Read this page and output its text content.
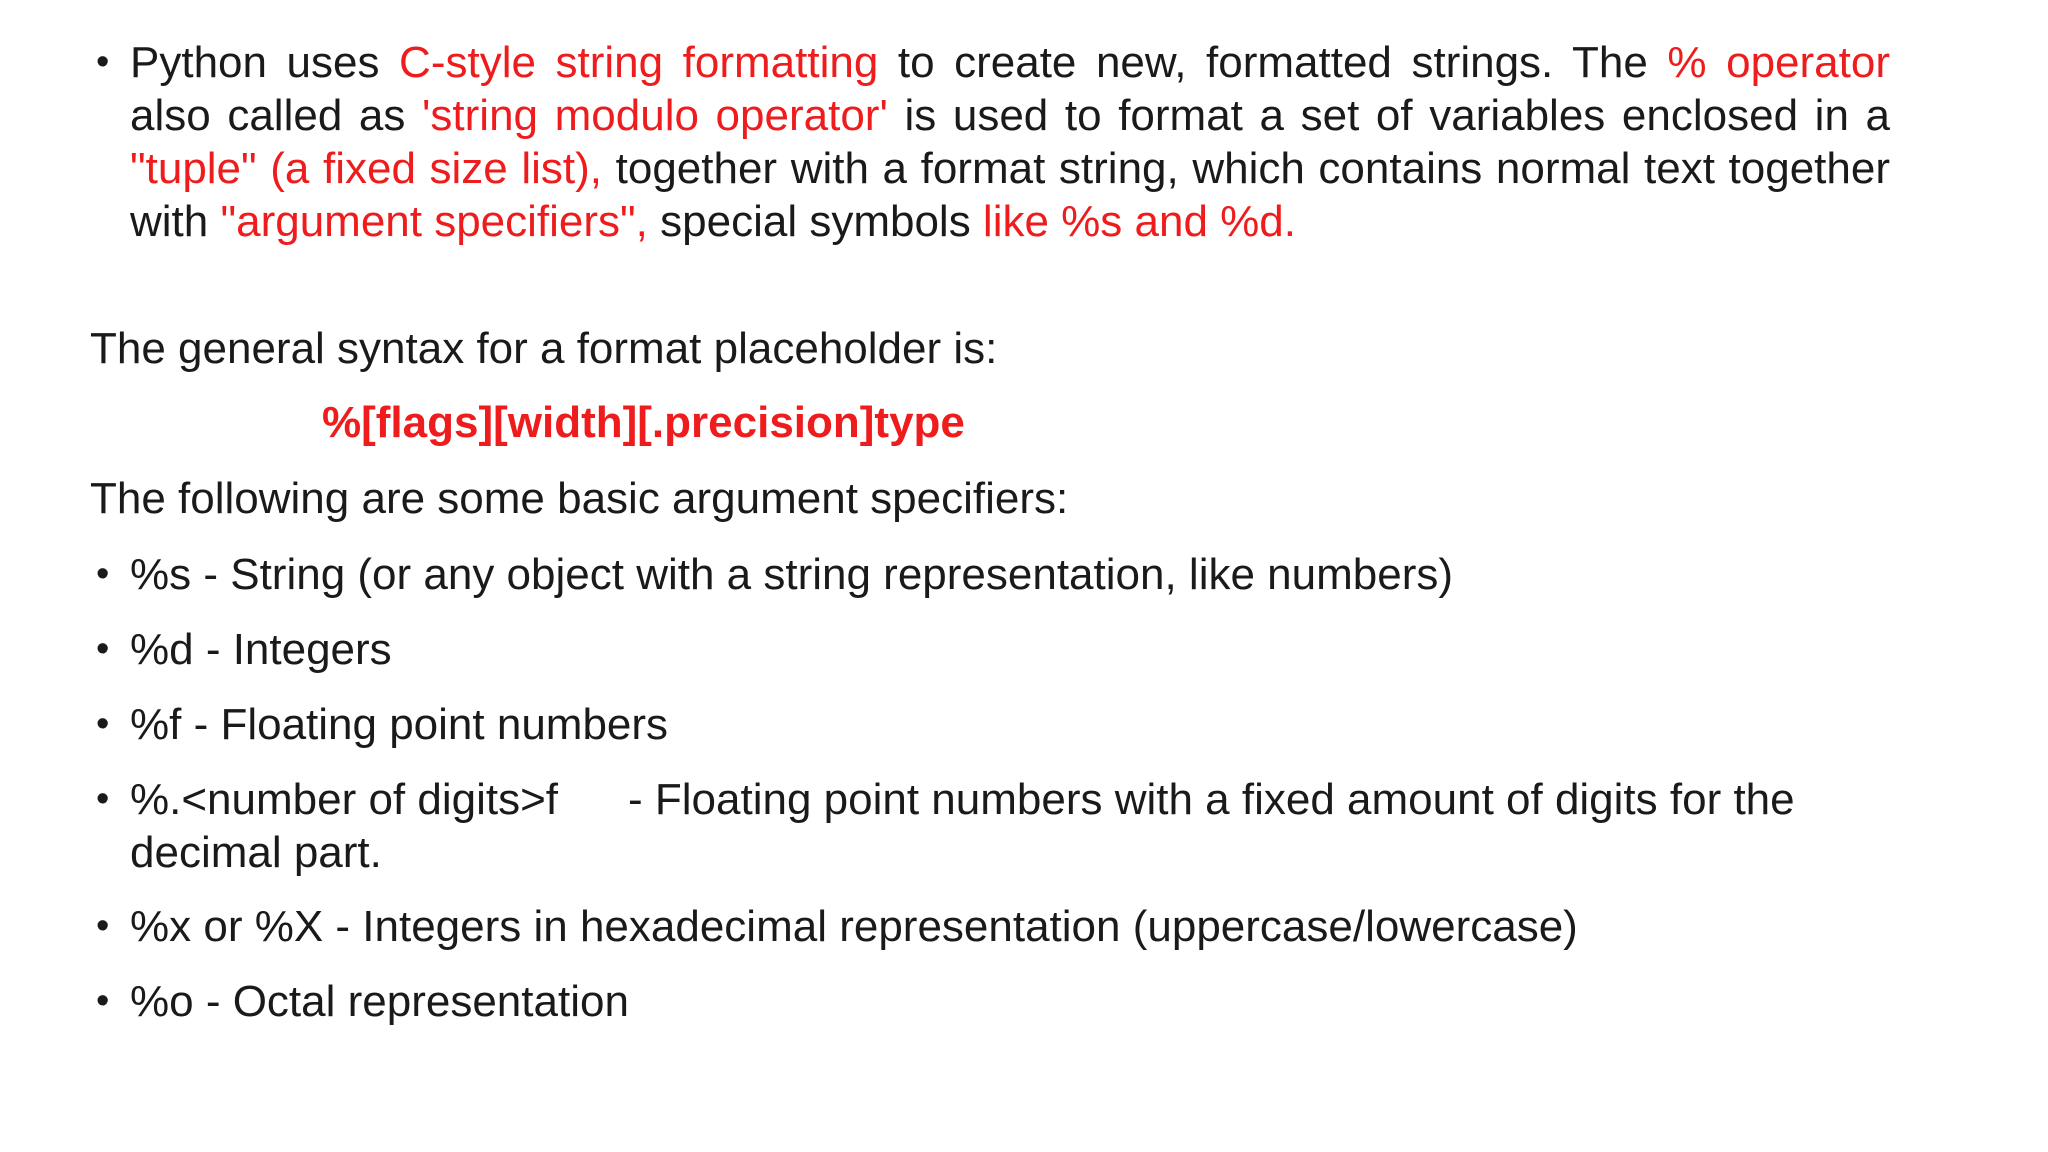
• Python uses C-style string formatting to create new, formatted strings. The % operator also called as 'string modulo operator' is used to format a set of variables enclosed in a "tuple" (a fixed size list), together with a format string, which contains normal text together with "argument specifiers", special symbols like %s and %d.
The general syntax for a format placeholder is:
%[flags][width][.precision]type
The following are some basic argument specifiers:
• %s - String (or any object with a string representation, like numbers)
• %d - Integers
• %f - Floating point numbers
• %.<number of digits>f - Floating point numbers with a fixed amount of digits for the decimal part.
• %x or %X - Integers in hexadecimal representation (uppercase/lowercase)
• %o - Octal representation
